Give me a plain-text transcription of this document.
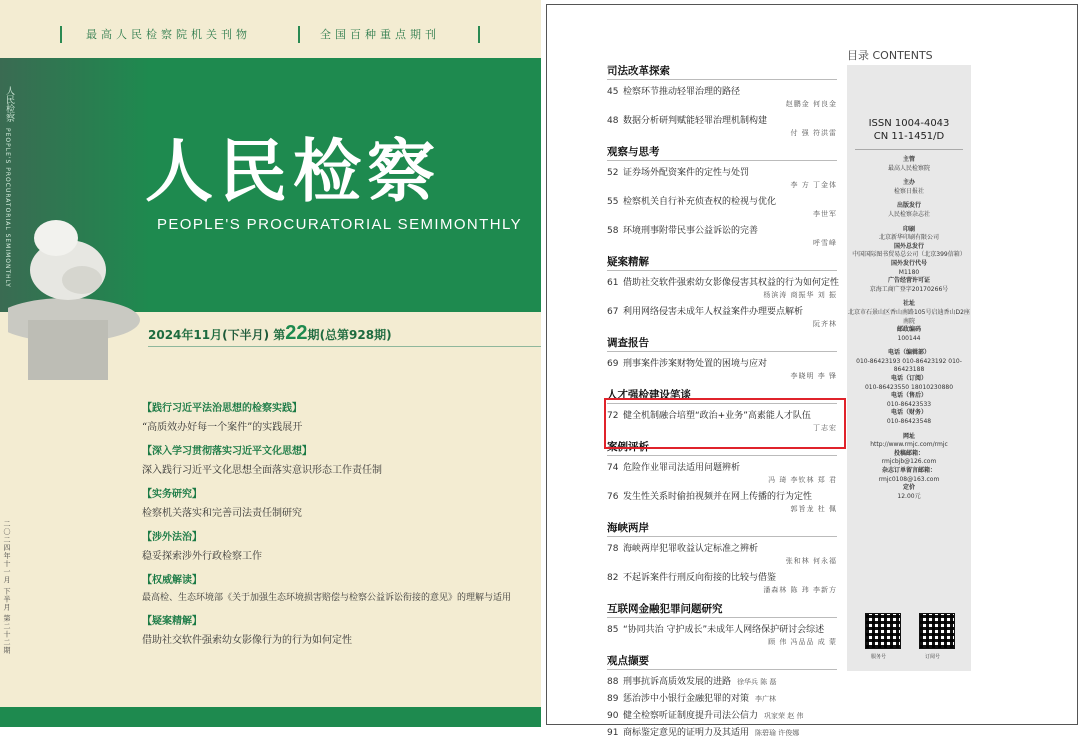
最高人民检察院机关刊物	全国百种重点期刊
人民检察
PEOPLE'S PROCURATORIAL SEMIMONTHLY 人民检察
PEOPLE'S PROCURATORIAL SEMIMONTHLY
2024年11月(下半月) 第22期(总第928期)
【践行习近平法治思想的检察实践】
“高质效办好每一个案件”的实践展开
【深入学习贯彻落实习近平文化思想】
深入践行习近平文化思想全面落实意识形态工作责任制
【实务研究】
检察机关落实和完善司法责任制研究
【涉外法治】
稳妥探索涉外行政检察工作
【权威解读】
最高检、生态环境部《关于加强生态环境损害赔偿与检察公益诉讼衔接的意见》的理解与适用
【疑案精解】
借助社交软件强索幼女影像行为的行为如何定性
二〇二四年十一月 下半月 第二十二期
目录 CONTENTS
司法改革探索
45 检察环节推动轻罪治理的路径
赵鹏金 何良金
48 数据分析研判赋能轻罪治理机制构建
付 强 符洪雷
观察与思考
52 证券场外配资案件的定性与处罚
李 方 丁金体
55 检察机关自行补充侦查权的检视与优化
李世军
58 环境刑事附带民事公益诉讼的完善
呼雪峰
疑案精解
61 借助社交软件强索幼女影像侵害其权益的行为如何定性
杨滨涛 商振华 刘 振
67 利用网络侵害未成年人权益案件办理要点解析
阮齐林
调查报告
69 刑事案件涉案财物处置的困境与应对
李晓明 李 锋
人才强检建设笔谈
72 健全机制融合培塑“政治+业务”高素能人才队伍
丁志宏
案例评析
74 危险作业罪司法适用问题辨析
冯 琦 李钦林 郑 君
76 发生性关系时偷拍视频并在网上传播的行为定性
郭旨龙 杜 佩
海峡两岸
78 海峡两岸犯罪收益认定标准之辨析
张和林 何永福
82 不起诉案件行刑反向衔接的比较与借鉴
潘森林 陈 玮 李新方
互联网金融犯罪问题研究
85 “协同共治 守护成长”未成年人网络保护研讨会综述
顾 伟 冯品品 成 蒙
观点撷要
88 刑事抗诉高质效发展的进路 徐华兵 陈 磊
89 惩治涉中小银行金融犯罪的对策 李广林
90 健全检察听证制度提升司法公信力 巩家荣 赵 伟
91 商标鉴定意见的证明力及其适用 陈碧瑜 许俊娜
ISSN 1004-4043
CN 11-1451/D
主管
最高人民检察院
主办
检察日报社
出版发行
人民检察杂志社
印刷
北京新华印刷有限公司
国外总发行
中国国际图书贸易总公司（北京399信箱）
国外发行代号
M1180
广告经营许可证
京海工商广登字20170266号
社址
北京市石景山区香山南路105号启迪香山D2座南院
邮政编码
100144
电话（编辑部）
010-86423193 010-86423192 010-86423188
电话（订阅）
010-86423550 18010230880
电话（售后）
010-86423533
电话（财务）
010-86423548
网址
http://www.rmjc.com/rmjc
投稿邮箱：
rmjcbjb@126.com
杂志订单留言邮箱：
rmjc0108@163.com
定价
12.00元
服务号	订阅号
